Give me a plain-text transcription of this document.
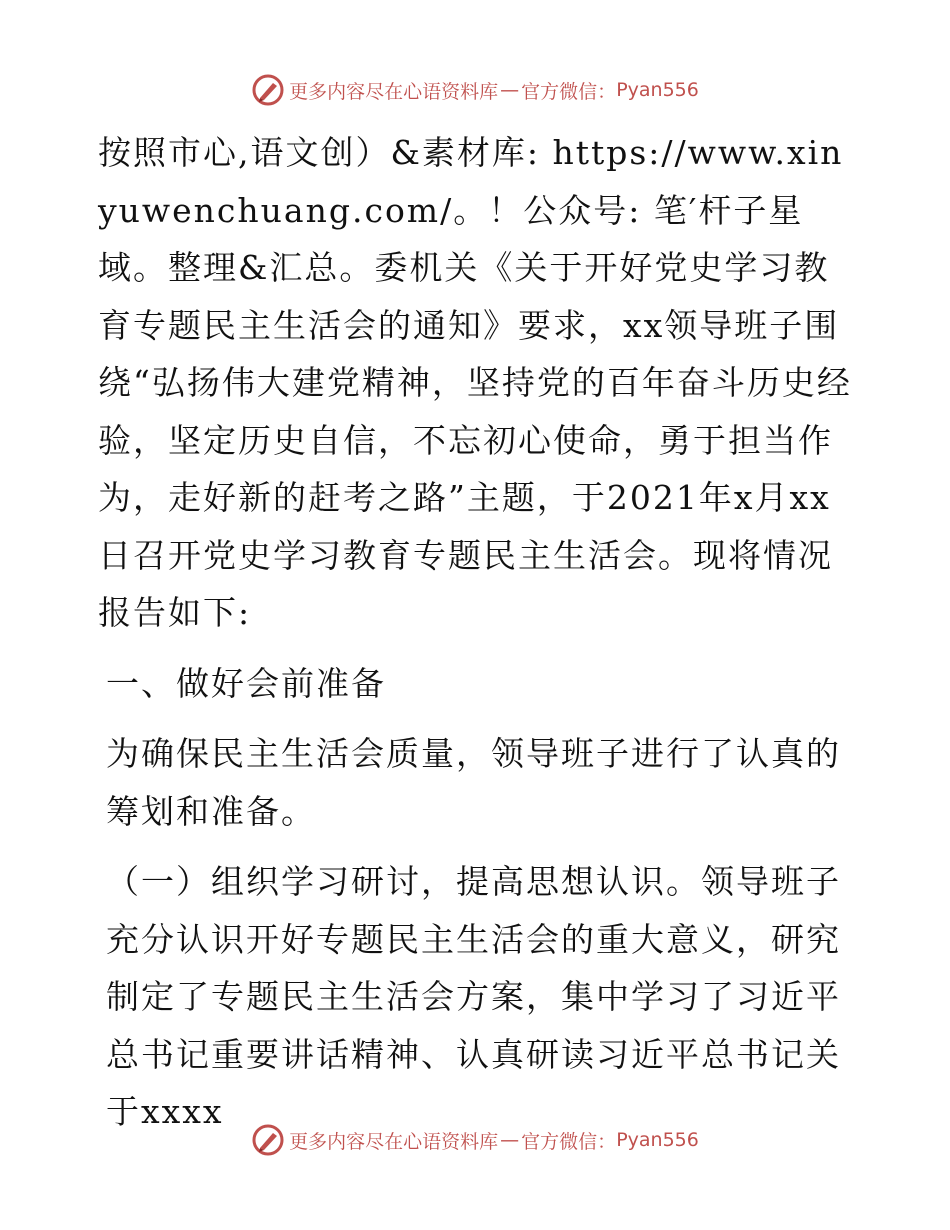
更多内容尽在心语资料库 — 官方微信： Pyan556

按照市心,语文创）&素材库: https://www.xinyuwenchuang.com/。！公众号: 笔′杆子星域。整理&汇总。委机关《关于开好党史学习教育专题民主生活会的通知》要求，xx领导班子围绕“弘扬伟大建党精神，坚持党的百年奋斗历史经验，坚定历史自信，不忘初心使命，勇于担当作为，走好新的赶考之路”主题，于2021年x月xx日召开党史学习教育专题民主生活会。现将情况报告如下:

一、做好会前准备

为确保民主生活会质量，领导班子进行了认真的筹划和准备。

（一）组织学习研讨，提高思想认识。领导班子充分认识开好专题民主生活会的重大意义，研究制定了专题民主生活会方案，集中学习了习近平总书记重要讲话精神、认真研读习近平总书记关于xxxx

更多内容尽在心语资料库 — 官方微信： Pyan556
